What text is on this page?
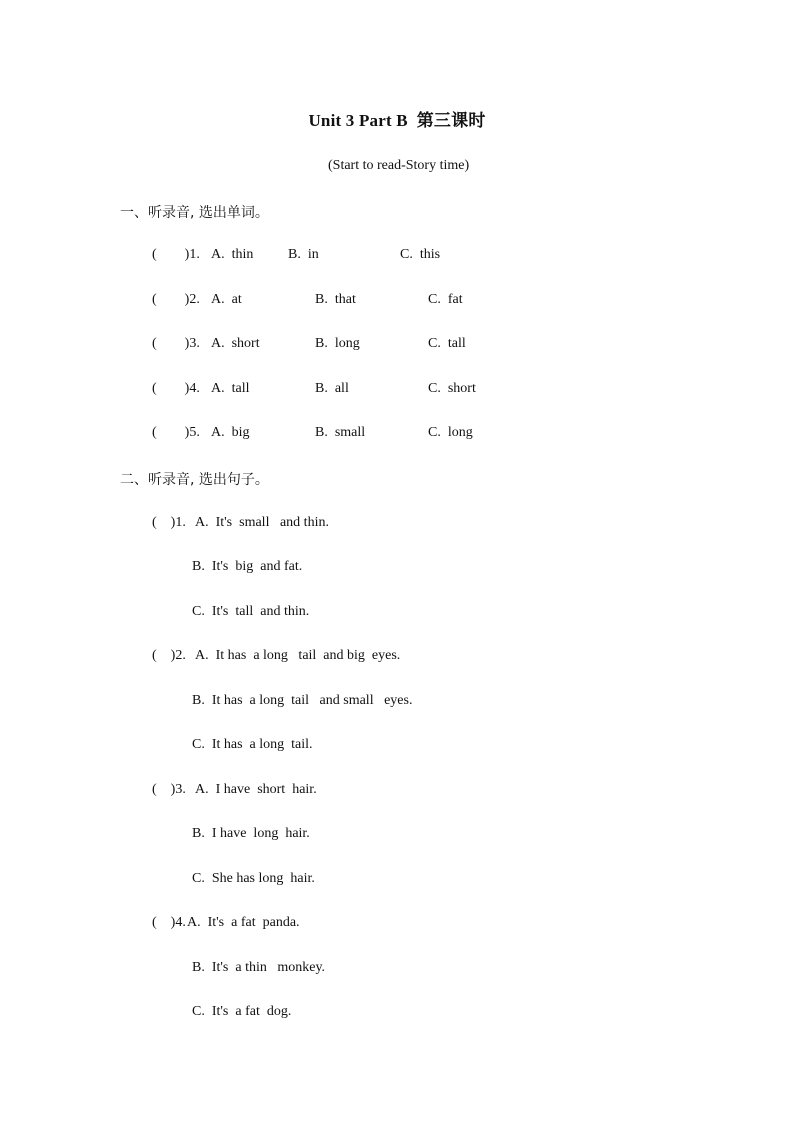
Unit 3 Part B  第三课时
(Start to read-Story time)
一、听录音, 选出单词。
(        )1. A.  thin B.  in	C.  this
(        )2. A.  at	B.  that	C.  fat
(        )3. A.  short	B.  long	C.  tall
(        )4. A.  tall	B.  all	C.  short
(        )5. A.  big	B.  small	C.  long
二、听录音, 选出句子。
(    )1. A.  It's  small   and thin.
B.  It's  big  and fat.
C.  It's  tall  and thin.
(    )2. A.  It has  a long   tail  and big  eyes.
B.  It has  a long  tail   and small   eyes.
C.  It has  a long  tail.
(    )3. A.  I have  short  hair.
B.  I have  long  hair.
C.  She has long  hair.
(    )4. A.  It's  a fat  panda.
B.  It's  a thin   monkey.
C.  It's  a fat  dog.
